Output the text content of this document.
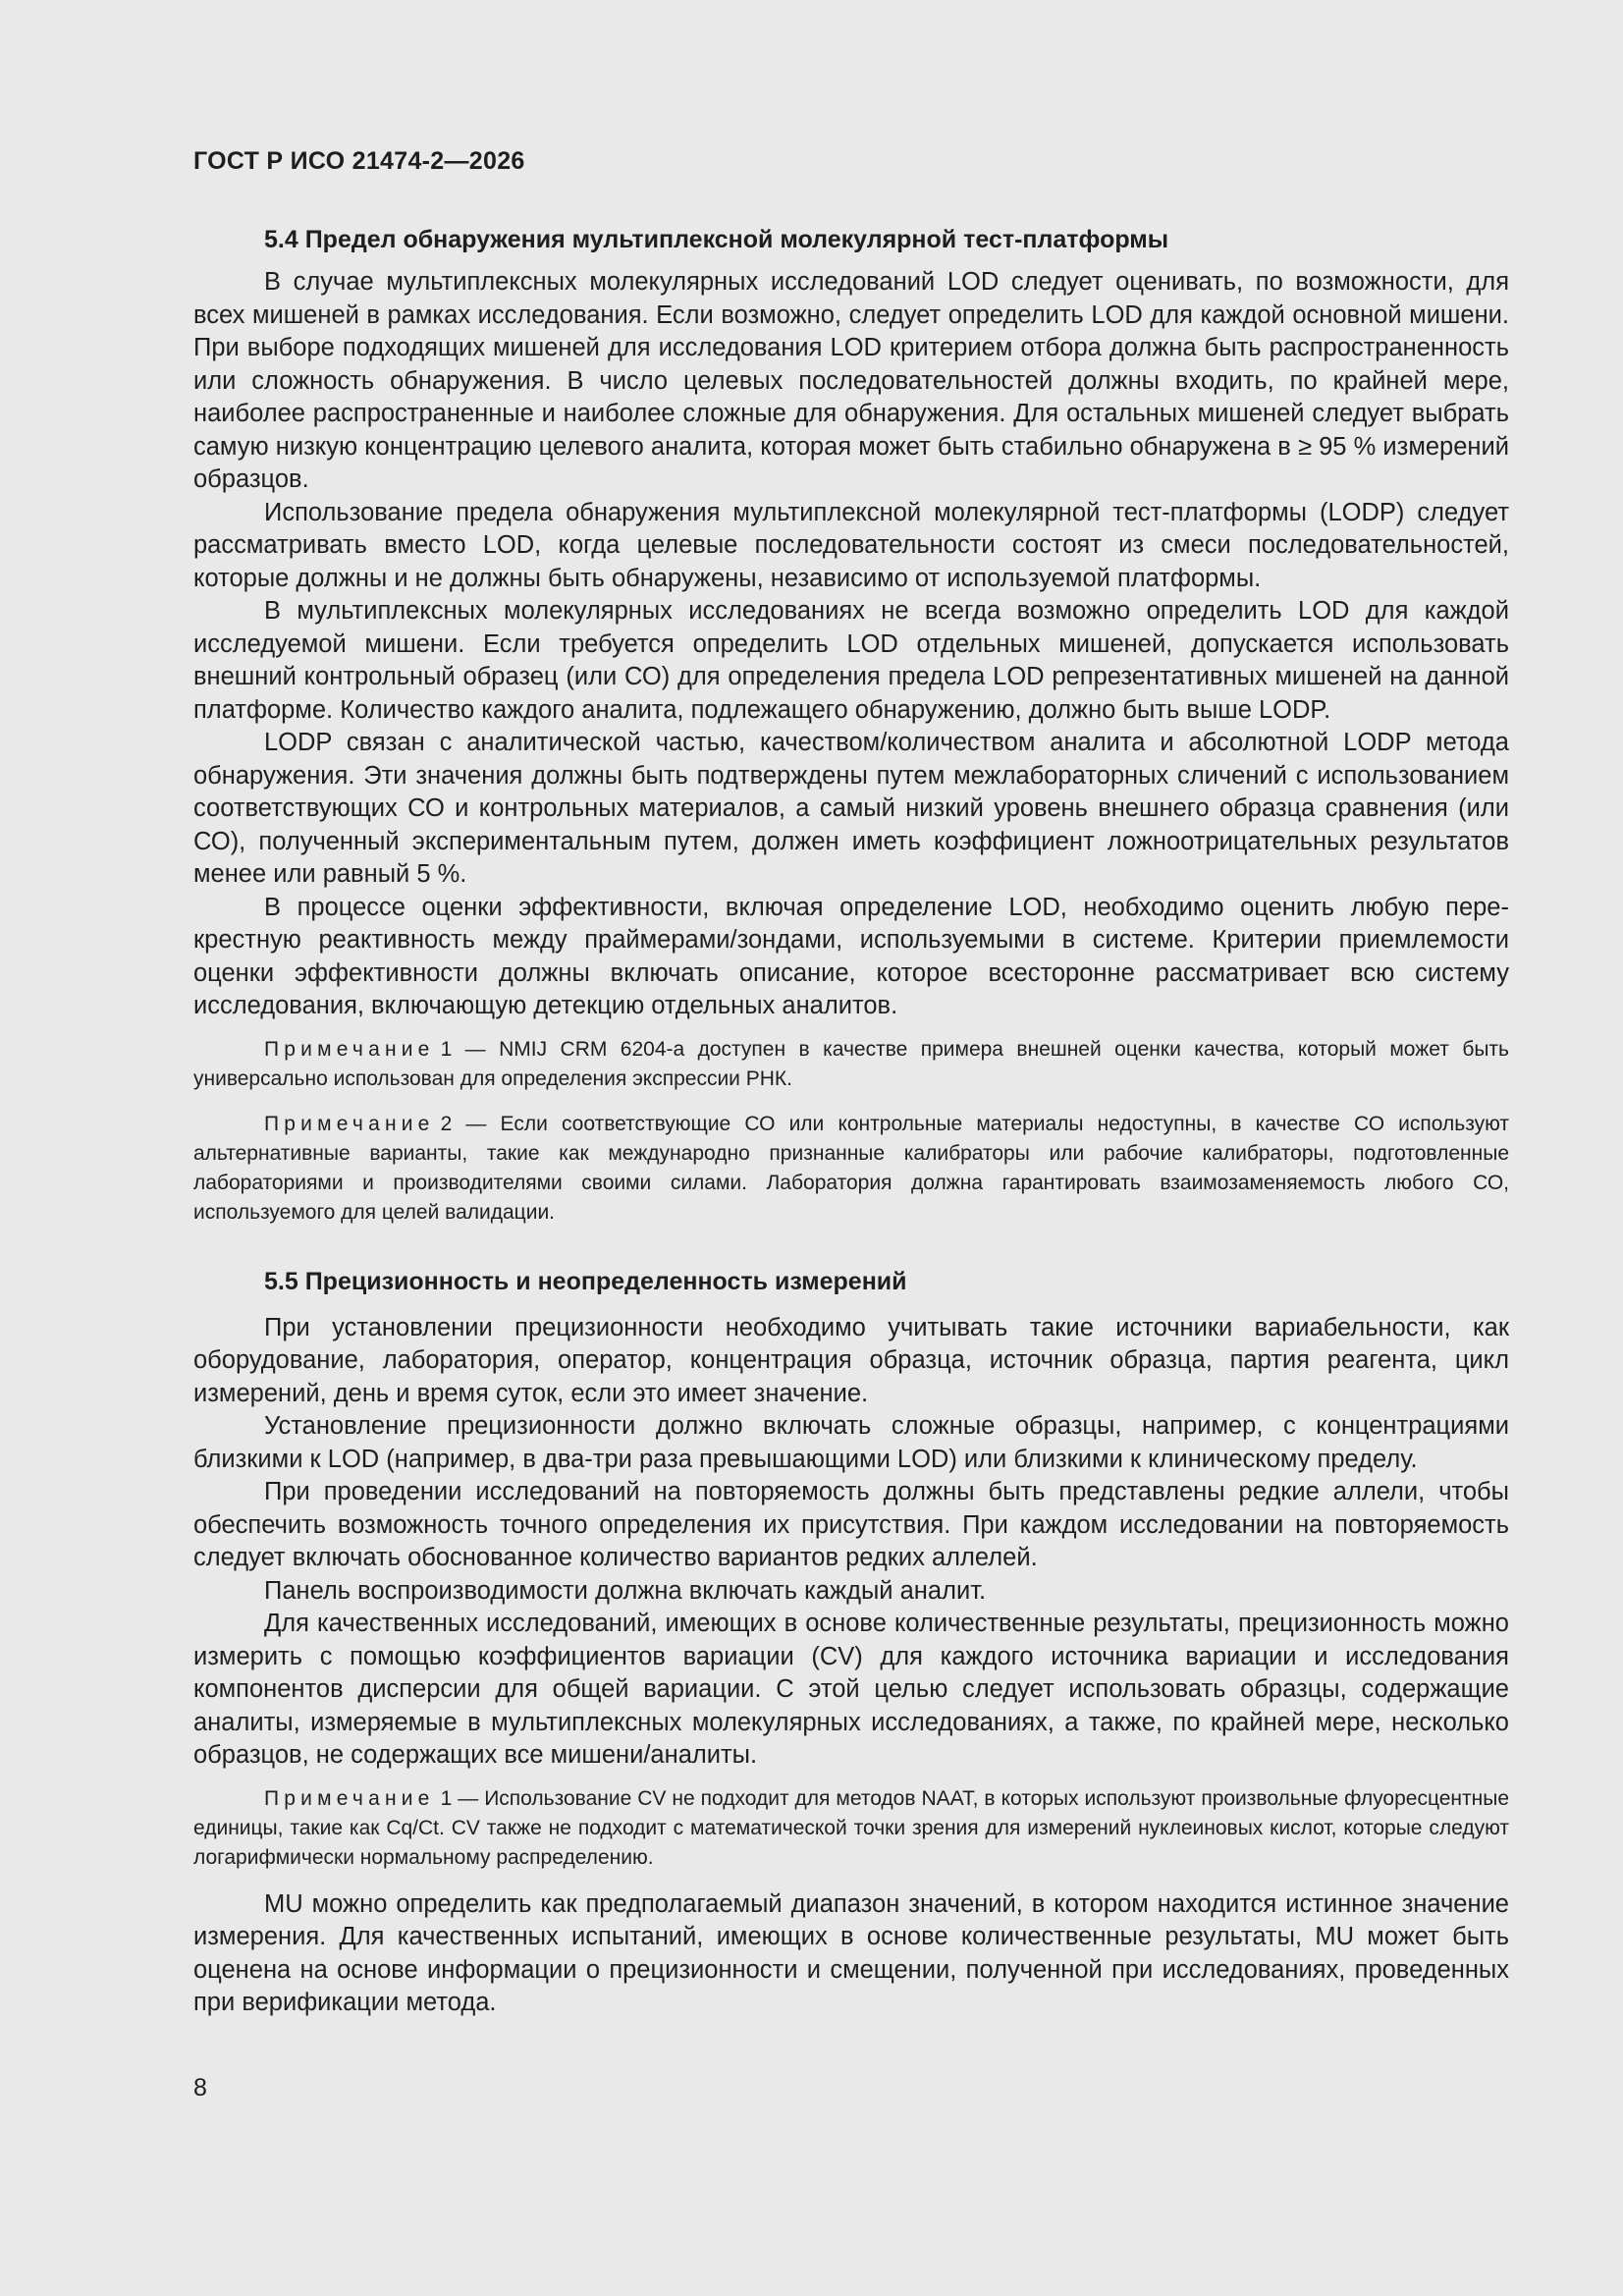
ГОСТ Р ИСО 21474-2—2026
5.4 Предел обнаружения мультиплексной молекулярной тест-платформы

В случае мультиплексных молекулярных исследований LOD следует оценивать, по возможности, для всех мишеней в рамках исследования. Если возможно, следует определить LOD для каждой основной мишени. При выборе подходящих мишеней для исследования LOD критерием отбора должна быть распространенность или сложность обнаружения. В число целевых последовательностей должны входить, по крайней мере, наиболее распространенные и наиболее сложные для обнаружения. Для остальных мишеней следует выбрать самую низкую концентрацию целевого аналита, которая может быть стабильно обнаружена в ≥ 95 % измерений образцов.

Использование предела обнаружения мультиплексной молекулярной тест-платформы (LODP) следует рассматривать вместо LOD, когда целевые последовательности состоят из смеси последовательностей, которые должны и не должны быть обнаружены, независимо от используемой платформы.

В мультиплексных молекулярных исследованиях не всегда возможно определить LOD для каждой исследуемой мишени. Если требуется определить LOD отдельных мишеней, допускается использовать внешний контрольный образец (или СО) для определения предела LOD репрезентативных мишеней на данной платформе. Количество каждого аналита, подлежащего обнаружению, должно быть выше LODP.

LODP связан с аналитической частью, качеством/количеством аналита и абсолютной LODP метода обнаружения. Эти значения должны быть подтверждены путем межлабораторных сличений с использованием соответствующих СО и контрольных материалов, а самый низкий уровень внешнего образца сравнения (или СО), полученный экспериментальным путем, должен иметь коэффициент ложноотрицательных результатов менее или равный 5 %.

В процессе оценки эффективности, включая определение LOD, необходимо оценить любую перекрестную реактивность между праймерами/зондами, используемыми в системе. Критерии приемлемости оценки эффективности должны включать описание, которое всесторонне рассматривает всю систему исследования, включающую детекцию отдельных аналитов.

Примечание 1 — NMIJ CRM 6204-a доступен в качестве примера внешней оценки качества, который может быть универсально использован для определения экспрессии РНК.

Примечание 2 — Если соответствующие СО или контрольные материалы недоступны, в качестве СО используют альтернативные варианты, такие как международно признанные калибраторы или рабочие калибраторы, подготовленные лабораториями и производителями своими силами. Лаборатория должна гарантировать взаимозаменяемость любого СО, используемого для целей валидации.

5.5 Прецизионность и неопределенность измерений

При установлении прецизионности необходимо учитывать такие источники вариабельности, как оборудование, лаборатория, оператор, концентрация образца, источник образца, партия реагента, цикл измерений, день и время суток, если это имеет значение.

Установление прецизионности должно включать сложные образцы, например, с концентрациями близкими к LOD (например, в два-три раза превышающими LOD) или близкими к клиническому пределу.

При проведении исследований на повторяемость должны быть представлены редкие аллели, чтобы обеспечить возможность точного определения их присутствия. При каждом исследовании на повторяемость следует включать обоснованное количество вариантов редких аллелей.

Панель воспроизводимости должна включать каждый аналит.

Для качественных исследований, имеющих в основе количественные результаты, прецизионность можно измерить с помощью коэффициентов вариации (CV) для каждого источника вариации и исследования компонентов дисперсии для общей вариации. С этой целью следует использовать образцы, содержащие аналиты, измеряемые в мультиплексных молекулярных исследованиях, а также, по крайней мере, несколько образцов, не содержащих все мишени/аналиты.

Примечание 1 — Использование CV не подходит для методов NAAT, в которых используют произвольные флуоресцентные единицы, такие как Cq/Ct. CV также не подходит с математической точки зрения для измерений нуклеиновых кислот, которые следуют логарифмически нормальному распределению.

MU можно определить как предполагаемый диапазон значений, в котором находится истинное значение измерения. Для качественных испытаний, имеющих в основе количественные результаты, MU может быть оценена на основе информации о прецизионности и смещении, полученной при исследованиях, проведенных при верификации метода.

8
